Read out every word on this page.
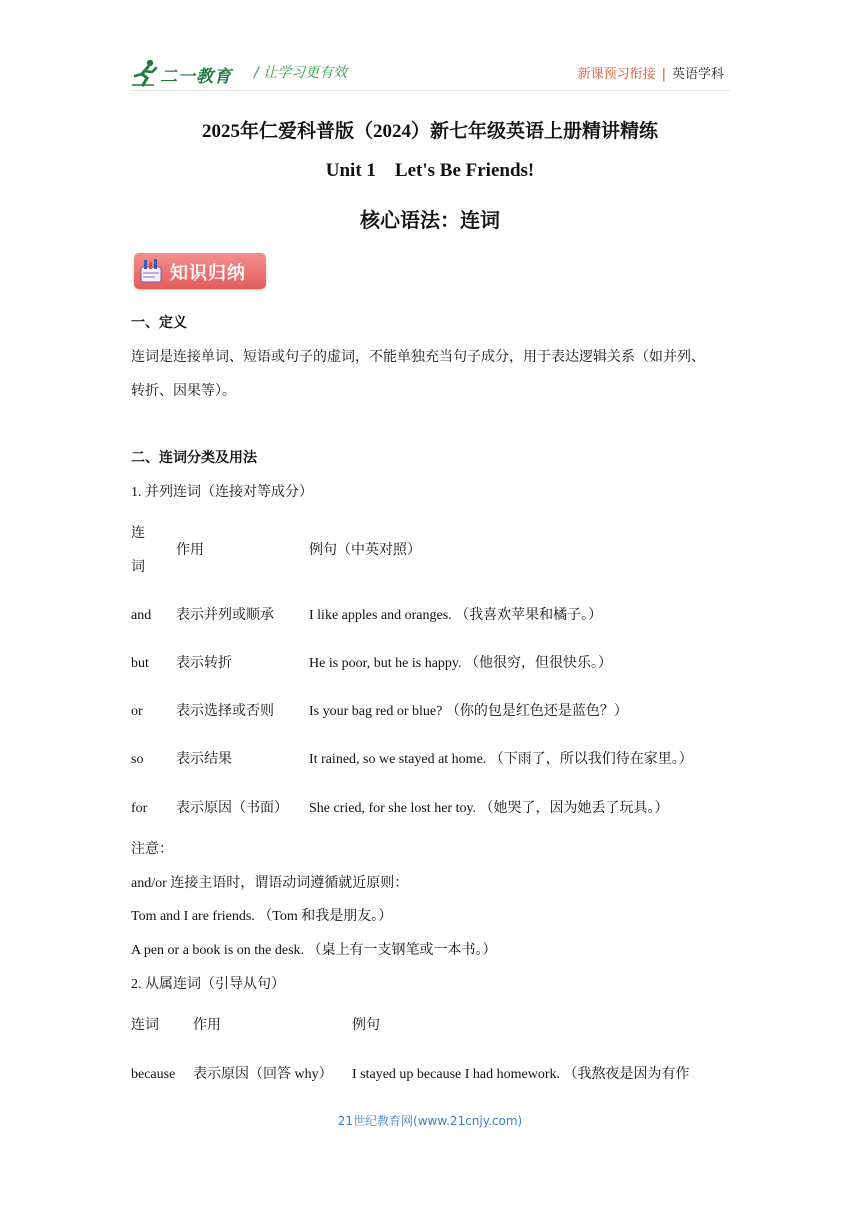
二一教育 / 让学习更有效	新课预习衔接 | 英语学科
2025年仁爱科普版（2024）新七年级英语上册精讲精练
Unit 1    Let's Be Friends!
核心语法：连词
知识归纳
一、定义
连词是连接单词、短语或句子的虚词，不能单独充当句子成分，用于表达逻辑关系（如并列、
转折、因果等）。
二、连词分类及用法
1. 并列连词（连接对等成分）
连
词
作用	例句（中英对照）
and 表示并列或顺承	I like apples and oranges. （我喜欢苹果和橘子。）
but 表示转折	He is poor, but he is happy. （他很穷，但很快乐。）
or 表示选择或否则	Is your bag red or blue? （你的包是红色还是蓝色？）
so 表示结果	It rained, so we stayed at home. （下雨了，所以我们待在家里。）
for 表示原因（书面） She cried, for she lost her toy. （她哭了，因为她丢了玩具。）
注意：
and/or 连接主语时，谓语动词遵循就近原则：
Tom and I are friends. （Tom 和我是朋友。）
A pen or a book is on the desk. （桌上有一支钢笔或一本书。）
2. 从属连词（引导从句）
连词 作用	例句
because 表示原因（回答 why） I stayed up because I had homework. （我熬夜是因为有作
21世纪教育网(www.21cnjy.com)
